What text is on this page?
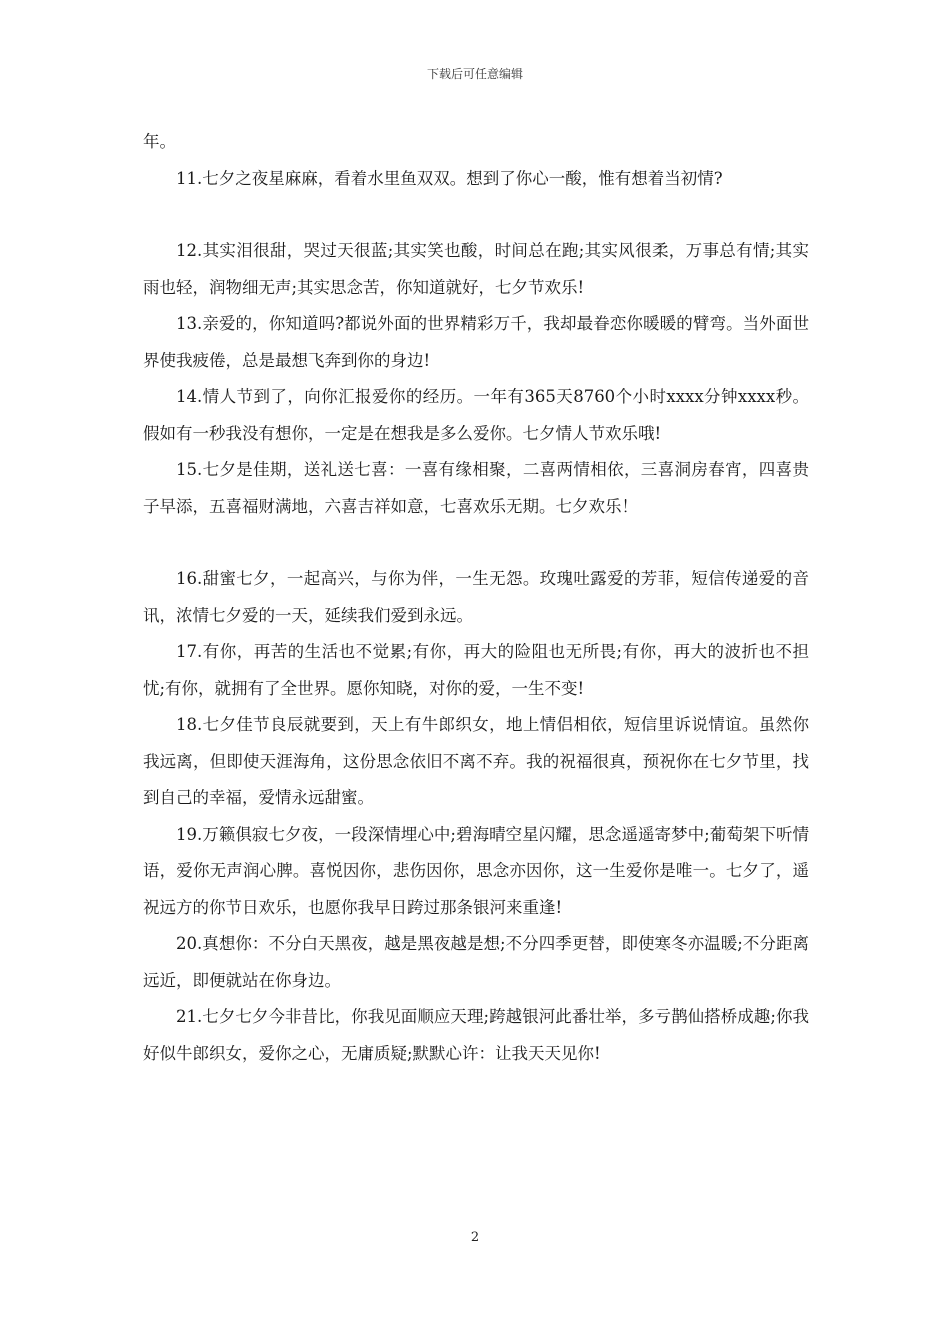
下载后可任意编辑

年。

11.七夕之夜星麻麻，看着水里鱼双双。想到了你心一酸，惟有想着当初情?

12.其实泪很甜，哭过天很蓝;其实笑也酸，时间总在跑;其实风很柔，万事总有情;其实雨也轻，润物细无声;其实思念苦，你知道就好，七夕节欢乐!

13.亲爱的，你知道吗?都说外面的世界精彩万千，我却最眷恋你暖暖的臂弯。当外面世界使我疲倦，总是最想飞奔到你的身边!

14.情人节到了，向你汇报爱你的经历。一年有365天8760个小时xxxx分钟xxxx秒。假如有一秒我没有想你，一定是在想我是多么爱你。七夕情人节欢乐哦!

15.七夕是佳期，送礼送七喜：一喜有缘相聚，二喜两情相依，三喜洞房春宵，四喜贵子早添，五喜福财满地，六喜吉祥如意，七喜欢乐无期。七夕欢乐！

16.甜蜜七夕，一起高兴，与你为伴，一生无怨。玫瑰吐露爱的芳菲，短信传递爱的音讯，浓情七夕爱的一天，延续我们爱到永远。

17.有你，再苦的生活也不觉累;有你，再大的险阻也无所畏;有你，再大的波折也不担忧;有你，就拥有了全世界。愿你知晓，对你的爱，一生不变!

18.七夕佳节良辰就要到，天上有牛郎织女，地上情侣相依，短信里诉说情谊。虽然你我远离，但即使天涯海角，这份思念依旧不离不弃。我的祝福很真，预祝你在七夕节里，找到自己的幸福，爱情永远甜蜜。

19.万籁俱寂七夕夜，一段深情埋心中;碧海晴空星闪耀，思念遥遥寄梦中;葡萄架下听情语，爱你无声润心脾。喜悦因你，悲伤因你，思念亦因你，这一生爱你是唯一。七夕了，遥祝远方的你节日欢乐，也愿你我早日跨过那条银河来重逢!

20.真想你：不分白天黑夜，越是黑夜越是想;不分四季更替，即使寒冬亦温暖;不分距离远近，即便就站在你身边。

21.七夕七夕今非昔比，你我见面顺应天理;跨越银河此番壮举，多亏鹊仙搭桥成趣;你我好似牛郎织女，爱你之心，无庸质疑;默默心许：让我天天见你!

2
